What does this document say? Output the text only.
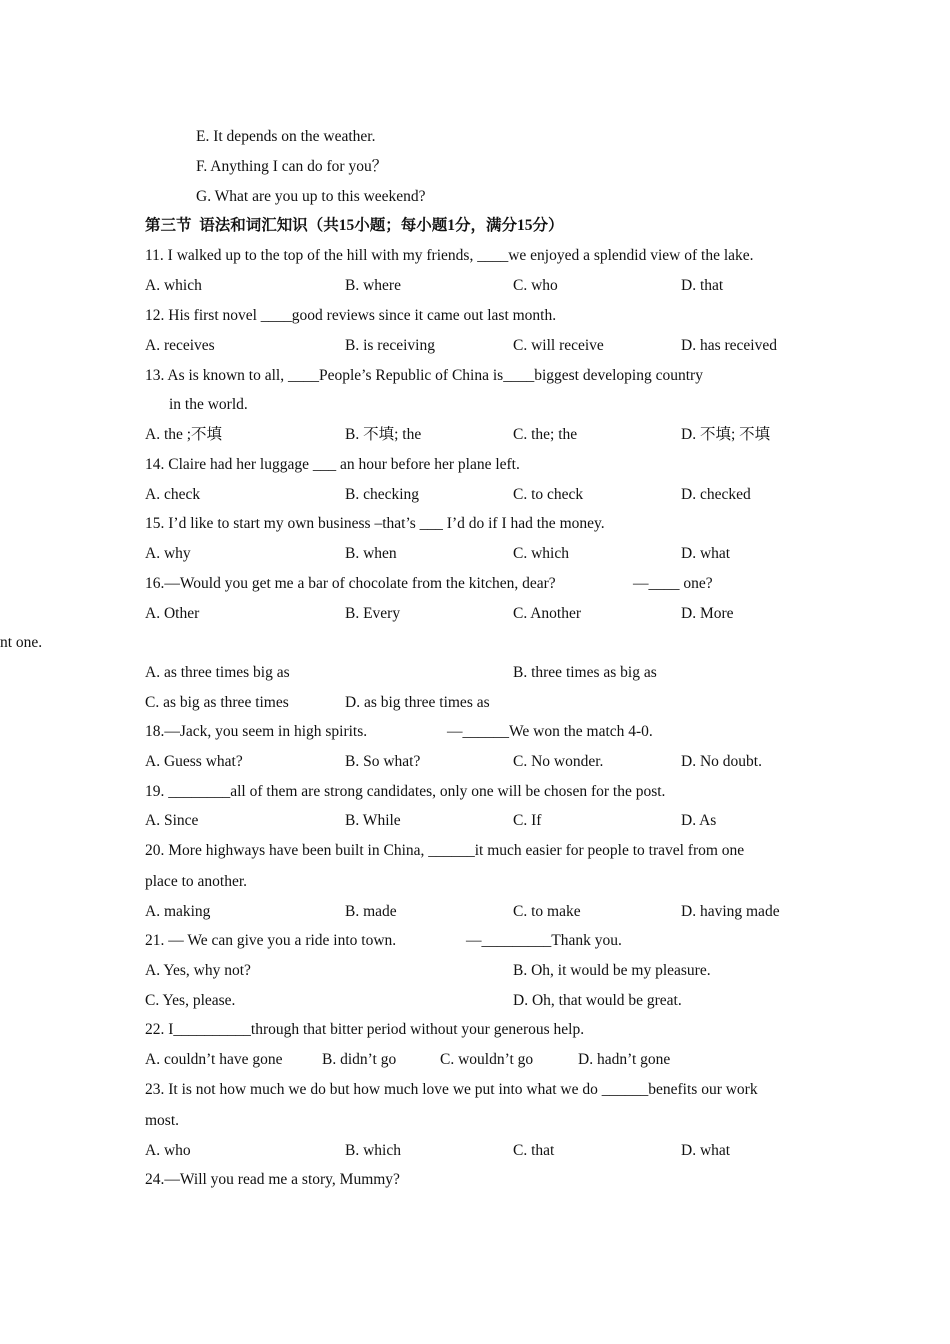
E. It depends on the weather.
F. Anything I can do for you？
G. What are you up to this weekend?
第三节  语法和词汇知识（共15小题；每小题1分，满分15分）
11. I walked up to the top of the hill with my friends, ____we enjoyed a splendid view of the lake.
A. which	B. where	C. who	D. that
12. His first novel ____good reviews since it came out last month.
A. receives	B. is receiving	C. will receive	D. has received
13. As is known to all, ____People’s Republic of China is____biggest developing country
in the world.
A. the ;不填	B. 不填; the	C. the; the	D. 不填; 不填
14. Claire had her luggage ___ an hour before her plane left.
A. check	B. checking	C. to check	D. checked
15. I’d like to start my own business –that’s ___ I’d do if I had the money.
A. why	B. when	C. which	D. what
16.—Would you get me a bar of chocolate from the kitchen, dear?	—____ one?
A. Other	B. Every	C. Another	D. More
nt one.
A. as three times big as	B. three times as big as
C. as big as three times	D. as big three times as
18.—Jack, you seem in high spirits.	—______We won the match 4-0.
A. Guess what?	B. So what?	C. No wonder.	D. No doubt.
19. ________all of them are strong candidates, only one will be chosen for the post.
A. Since	B. While	C. If	D. As
20. More highways have been built in China, ______it much easier for people to travel from one
place to another.
A. making	B. made	C. to make	D. having made
21. — We can give you a ride into town.	—_________Thank you.
A. Yes, why not?	B. Oh, it would be my pleasure.
C. Yes, please.	D. Oh, that would be great.
22. I__________through that bitter period without your generous help.
A. couldn’t have gone	B. didn’t go	C. wouldn’t go	D. hadn’t gone
23. It is not how much we do but how much love we put into what we do ______benefits our work
most.
A. who	B. which	C. that	D. what
24.—Will you read me a story, Mummy?
